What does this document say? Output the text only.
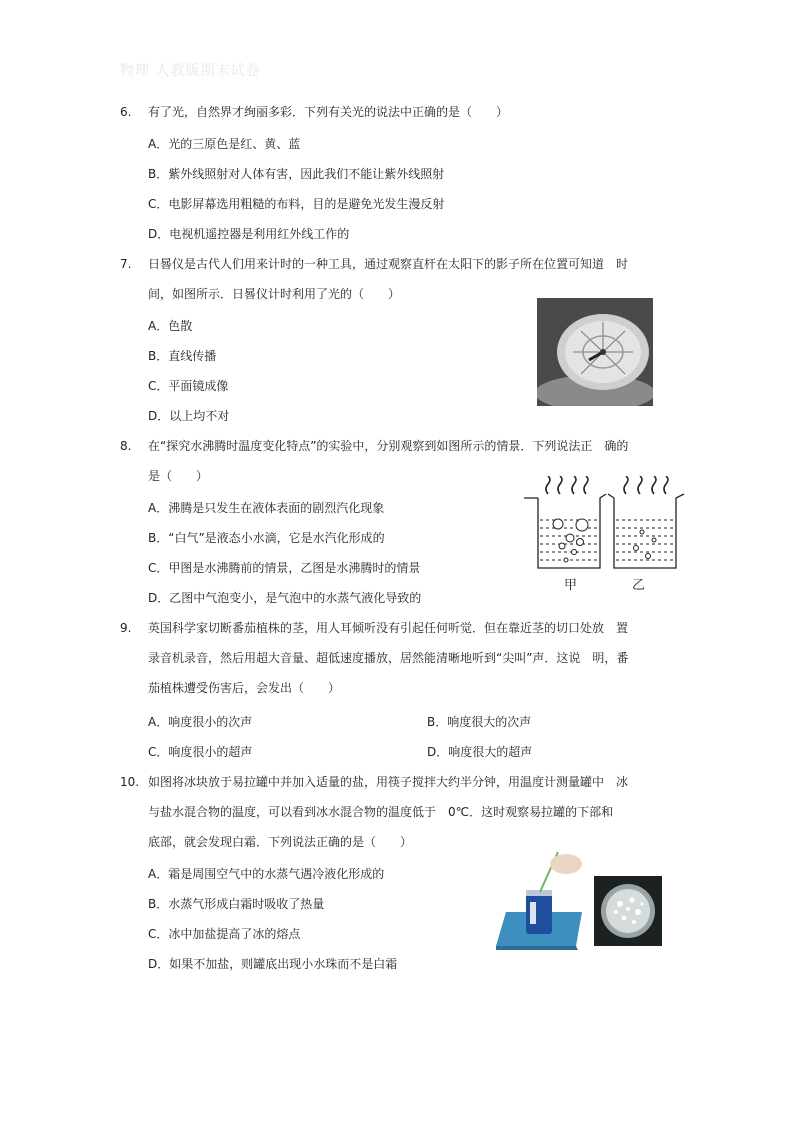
物理 人教版期末试卷
6. 有了光，自然界才绚丽多彩．下列有关光的说法中正确的是（　　）
A．光的三原色是红、黄、蓝
B．紫外线照射对人体有害，因此我们不能让紫外线照射
C．电影屏幕选用粗糙的布料，目的是避免光发生漫反射
D．电视机遥控器是利用红外线工作的
7. 日晷仪是古代人们用来计时的一种工具，通过观察直杆在太阳下的影子所在位置可知道　时
间，如图所示．日晷仪计时利用了光的（　　）
A．色散
B．直线传播
C．平面镜成像
D．以上均不对
8. 在“探究水沸腾时温度变化特点”的实验中，分别观察到如图所示的情景．下列说法正　确的
是（　　）
A．沸腾是只发生在液体表面的剧烈汽化现象
B．“白气”是液态小水滴，它是水汽化形成的
C．甲图是水沸腾前的情景，乙图是水沸腾时的情景
D．乙图中气泡变小，是气泡中的水蒸气液化导致的
甲	乙
9. 英国科学家切断番茄植株的茎，用人耳倾听没有引起任何听觉．但在靠近茎的切口处放　置
录音机录音，然后用超大音量、超低速度播放，居然能清晰地听到“尖叫”声．这说　明，番
茄植株遭受伤害后，会发出（　　）
A．响度很小的次声	B．响度很大的次声
C．响度很小的超声	D．响度很大的超声
10. 如图将冰块放于易拉罐中并加入适量的盐，用筷子搅拌大约半分钟，用温度计测量罐中　冰
与盐水混合物的温度，可以看到冰水混合物的温度低于　0℃．这时观察易拉罐的下部和
底部，就会发现白霜．下列说法正确的是（　　）
A．霜是周围空气中的水蒸气遇冷液化形成的
B．水蒸气形成白霜时吸收了热量
C．冰中加盐提高了冰的熔点
D．如果不加盐，则罐底出现小水珠而不是白霜
